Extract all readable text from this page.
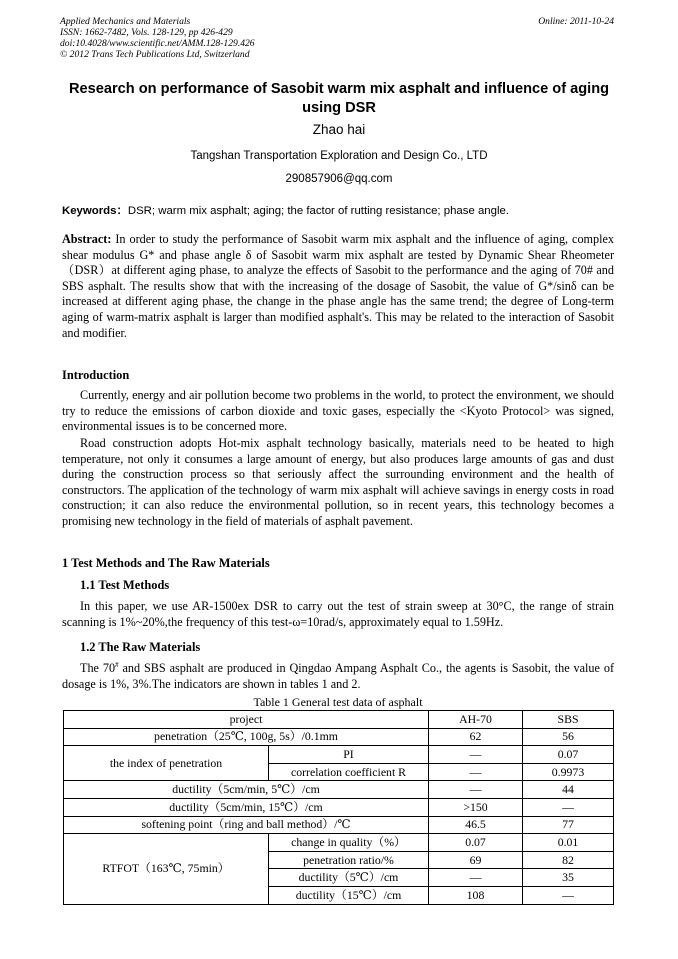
Applied Mechanics and Materials
ISSN: 1662-7482, Vols. 128-129, pp 426-429
doi:10.4028/www.scientific.net/AMM.128-129.426
© 2012 Trans Tech Publications Ltd, Switzerland
Online: 2011-10-24
Research on performance of Sasobit warm mix asphalt and influence of aging using DSR
Zhao hai
Tangshan Transportation Exploration and Design Co., LTD
290857906@qq.com
Keywords：DSR; warm mix asphalt; aging; the factor of rutting resistance; phase angle.
Abstract: In order to study the performance of Sasobit warm mix asphalt and the influence of aging, complex shear modulus G* and phase angle δ of Sasobit warm mix asphalt are tested by Dynamic Shear Rheometer（DSR）at different aging phase, to analyze the effects of Sasobit to the performance and the aging of 70# and SBS asphalt. The results show that with the increasing of the dosage of Sasobit, the value of G*/sinδ can be increased at different aging phase, the change in the phase angle has the same trend; the degree of Long-term aging of warm-matrix asphalt is larger than modified asphalt's. This may be related to the interaction of Sasobit and modifier.
Introduction
Currently, energy and air pollution become two problems in the world, to protect the environment, we should try to reduce the emissions of carbon dioxide and toxic gases, especially the <Kyoto Protocol> was signed, environmental issues is to be concerned more.
Road construction adopts Hot-mix asphalt technology basically, materials need to be heated to high temperature, not only it consumes a large amount of energy, but also produces large amounts of gas and dust during the construction process so that seriously affect the surrounding environment and the health of constructors. The application of the technology of warm mix asphalt will achieve savings in energy costs in road construction; it can also reduce the environmental pollution, so in recent years, this technology becomes a promising new technology in the field of materials of asphalt pavement.
1 Test Methods and The Raw Materials
1.1 Test Methods
In this paper, we use AR-1500ex DSR to carry out the test of strain sweep at 30°C, the range of strain scanning is 1%~20%,the frequency of this test-ω=10rad/s, approximately equal to 1.59Hz.
1.2 The Raw Materials
The 70# and SBS asphalt are produced in Qingdao Ampang Asphalt Co., the agents is Sasobit, the value of dosage is 1%, 3%.The indicators are shown in tables 1 and 2.
Table 1 General test data of asphalt
project		AH-70	SBS
penetration（25℃, 100g, 5s）/0.1mm		62	56
the index of penetration	PI	—	0.07
	correlation coefficient R	—	0.9973
ductility（5cm/min, 5℃）/cm		—	44
ductility（5cm/min, 15℃）/cm		>150	—
softening point（ring and ball method）/℃		46.5	77
RTFOT（163℃, 75min）	change in quality（%）	0.07	0.01
	penetration ratio/%	69	82
	ductility（5℃）/cm	—	35
	ductility（15℃）/cm	108	—
